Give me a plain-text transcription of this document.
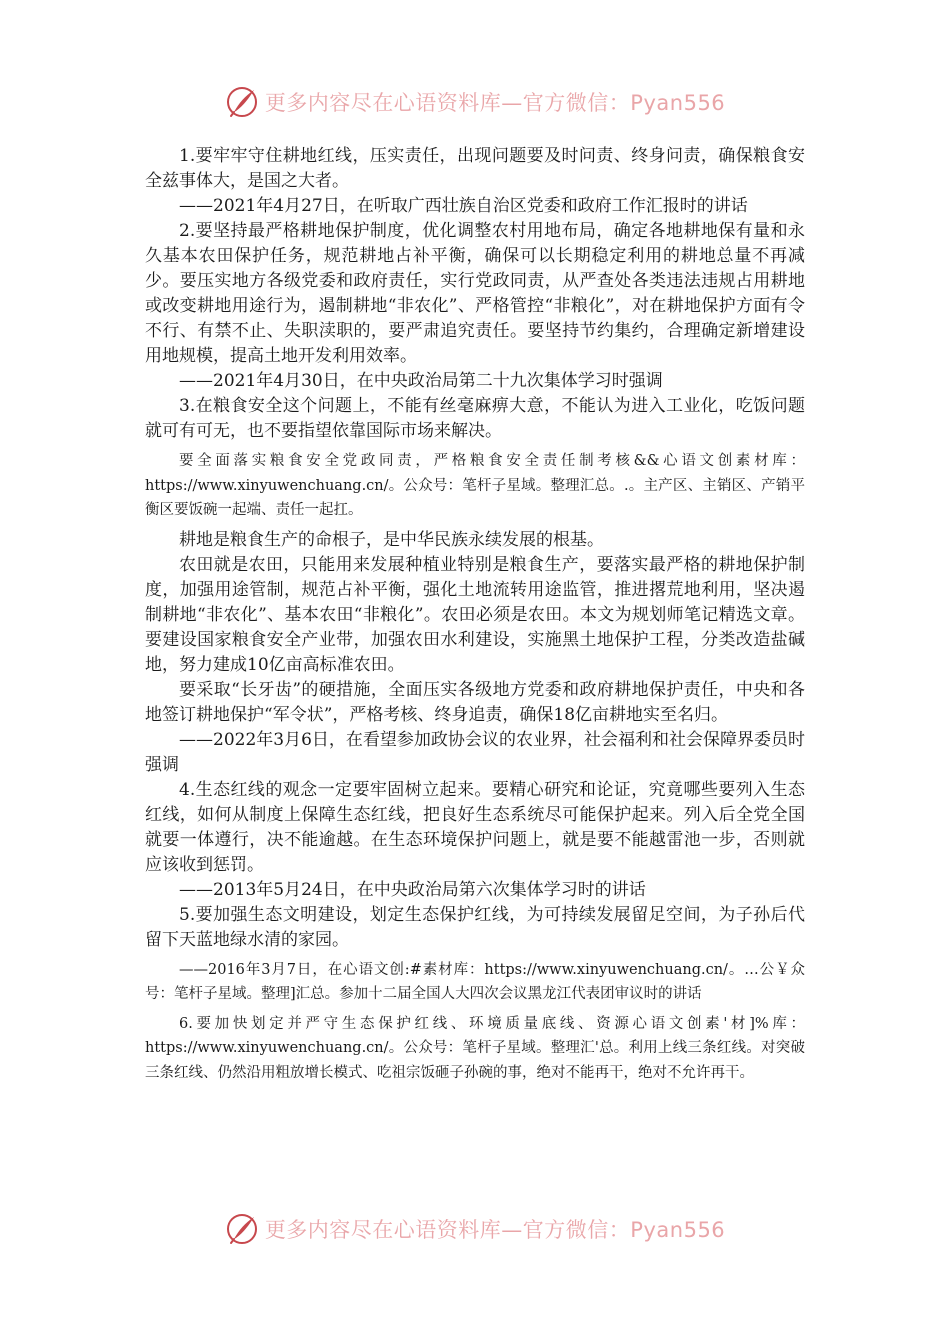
更多内容尽在心语资料库—官方微信：Pyan556

1.要牢牢守住耕地红线，压实责任，出现问题要及时问责、终身问责，确保粮食安全兹事体大，是国之大者。

——2021年4月27日，在听取广西壮族自治区党委和政府工作汇报时的讲话

2.要坚持最严格耕地保护制度，优化调整农村用地布局，确定各地耕地保有量和永久基本农田保护任务，规范耕地占补平衡，确保可以长期稳定利用的耕地总量不再减少。要压实地方各级党委和政府责任，实行党政同责，从严查处各类违法违规占用耕地或改变耕地用途行为，遏制耕地“非农化”、严格管控“非粮化”，对在耕地保护方面有令不行、有禁不止、失职渎职的，要严肃追究责任。要坚持节约集约，合理确定新增建设用地规模，提高土地开发利用效率。

——2021年4月30日，在中央政治局第二十九次集体学习时强调

3.在粮食安全这个问题上，不能有丝毫麻痹大意，不能认为进入工业化，吃饭问题就可有可无，也不要指望依靠国际市场来解决。

要全面落实粮食安全党政同责，严格粮食安全责任制考核&&心语文创素材库：https://www.xinyuwenchuang.cn/。公众号：笔杆子星域。整理汇总。.。主产区、主销区、产销平衡区要饭碗一起端、责任一起扛。

耕地是粮食生产的命根子，是中华民族永续发展的根基。

农田就是农田，只能用来发展种植业特别是粮食生产，要落实最严格的耕地保护制度，加强用途管制，规范占补平衡，强化土地流转用途监管，推进撂荒地利用，坚决遏制耕地“非农化”、基本农田“非粮化”。农田必须是农田。本文为规划师笔记精选文章。要建设国家粮食安全产业带，加强农田水利建设，实施黑土地保护工程，分类改造盐碱地，努力建成10亿亩高标准农田。

要采取“长牙齿”的硬措施，全面压实各级地方党委和政府耕地保护责任，中央和各地签订耕地保护“军令状”，严格考核、终身追责，确保18亿亩耕地实至名归。

——2022年3月6日，在看望参加政协会议的农业界，社会福利和社会保障界委员时强调

4.生态红线的观念一定要牢固树立起来。要精心研究和论证，究竟哪些要列入生态红线，如何从制度上保障生态红线，把良好生态系统尽可能保护起来。列入后全党全国就要一体遵行，决不能逾越。在生态环境保护问题上，就是要不能越雷池一步，否则就应该收到惩罚。

——2013年5月24日，在中央政治局第六次集体学习时的讲话

5.要加强生态文明建设，划定生态保护红线，为可持续发展留足空间，为子孙后代留下天蓝地绿水清的家园。

——2016年3月7日，在心语文创:#素材库：https://www.xinyuwenchuang.cn/。…公￥众号：笔杆子星域。整理]汇总。参加十二届全国人大四次会议黑龙江代表团审议时的讲话

6.要加快划定并严守生态保护红线、环境质量底线、资源心语文创素'材]%库：https://www.xinyuwenchuang.cn/。公众号：笔杆子星域。整理汇'总。利用上线三条红线。对突破三条红线、仍然沿用粗放增长模式、吃祖宗饭砸子孙碗的事，绝对不能再干，绝对不允许再干。

更多内容尽在心语资料库—官方微信：Pyan556
